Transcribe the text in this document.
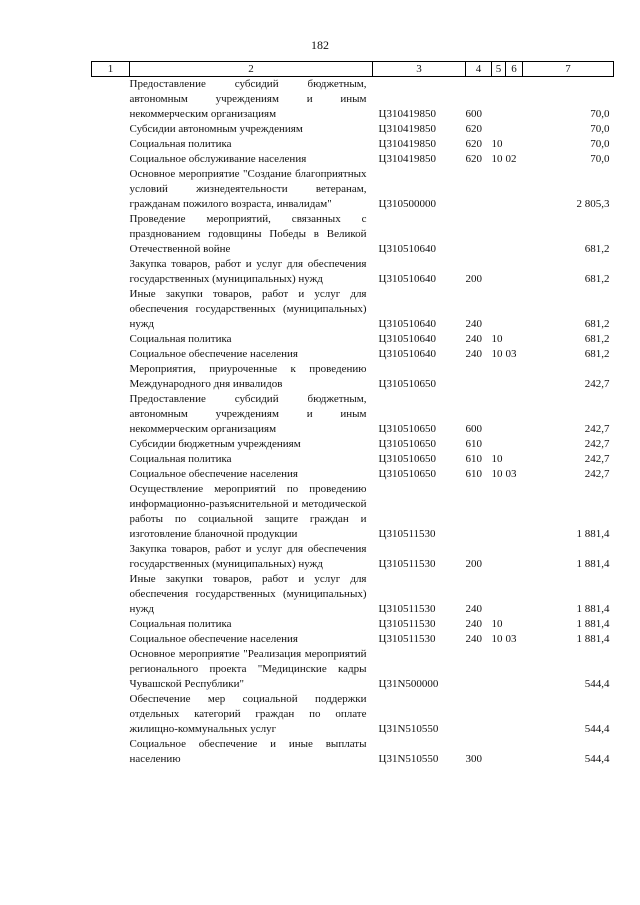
182
1	2	3	4	5	6	7
	Предоставление субсидий бюджетным, автономным учреждениям и иным некоммерческим организациям	Ц310419850	600			70,0
	Субсидии автономным учреждениям	Ц310419850	620			70,0
	Социальная политика	Ц310419850	620	10		70,0
	Социальное обслуживание населения	Ц310419850	620	10	02	70,0
	Основное мероприятие "Создание благоприятных условий жизнедеятельности ветеранам, гражданам пожилого возраста, инвалидам"	Ц310500000				2 805,3
	Проведение мероприятий, связанных с празднованием годовщины Победы в Великой Отечественной войне	Ц310510640				681,2
	Закупка товаров, работ и услуг для обеспечения государственных (муниципальных) нужд	Ц310510640	200			681,2
	Иные закупки товаров, работ и услуг для обеспечения государственных (муниципальных) нужд	Ц310510640	240			681,2
	Социальная политика	Ц310510640	240	10		681,2
	Социальное обеспечение населения	Ц310510640	240	10	03	681,2
	Мероприятия, приуроченные к проведению Международного дня инвалидов	Ц310510650				242,7
	Предоставление субсидий бюджетным, автономным учреждениям и иным некоммерческим организациям	Ц310510650	600			242,7
	Субсидии бюджетным учреждениям	Ц310510650	610			242,7
	Социальная политика	Ц310510650	610	10		242,7
	Социальное обеспечение населения	Ц310510650	610	10	03	242,7
	Осуществление мероприятий по проведению информационно-разъяснительной и методической работы по социальной защите граждан и изготовление бланочной продукции	Ц310511530				1 881,4
	Закупка товаров, работ и услуг для обеспечения государственных (муниципальных) нужд	Ц310511530	200			1 881,4
	Иные закупки товаров, работ и услуг для обеспечения государственных (муниципальных) нужд	Ц310511530	240			1 881,4
	Социальная политика	Ц310511530	240	10		1 881,4
	Социальное обеспечение населения	Ц310511530	240	10	03	1 881,4
	Основное мероприятие "Реализация мероприятий регионального проекта "Медицинские кадры Чувашской Республики"	Ц31N500000				544,4
	Обеспечение мер социальной поддержки отдельных категорий граждан по оплате жилищно-коммунальных услуг	Ц31N510550				544,4
	Социальное обеспечение и иные выплаты населению	Ц31N510550	300			544,4
